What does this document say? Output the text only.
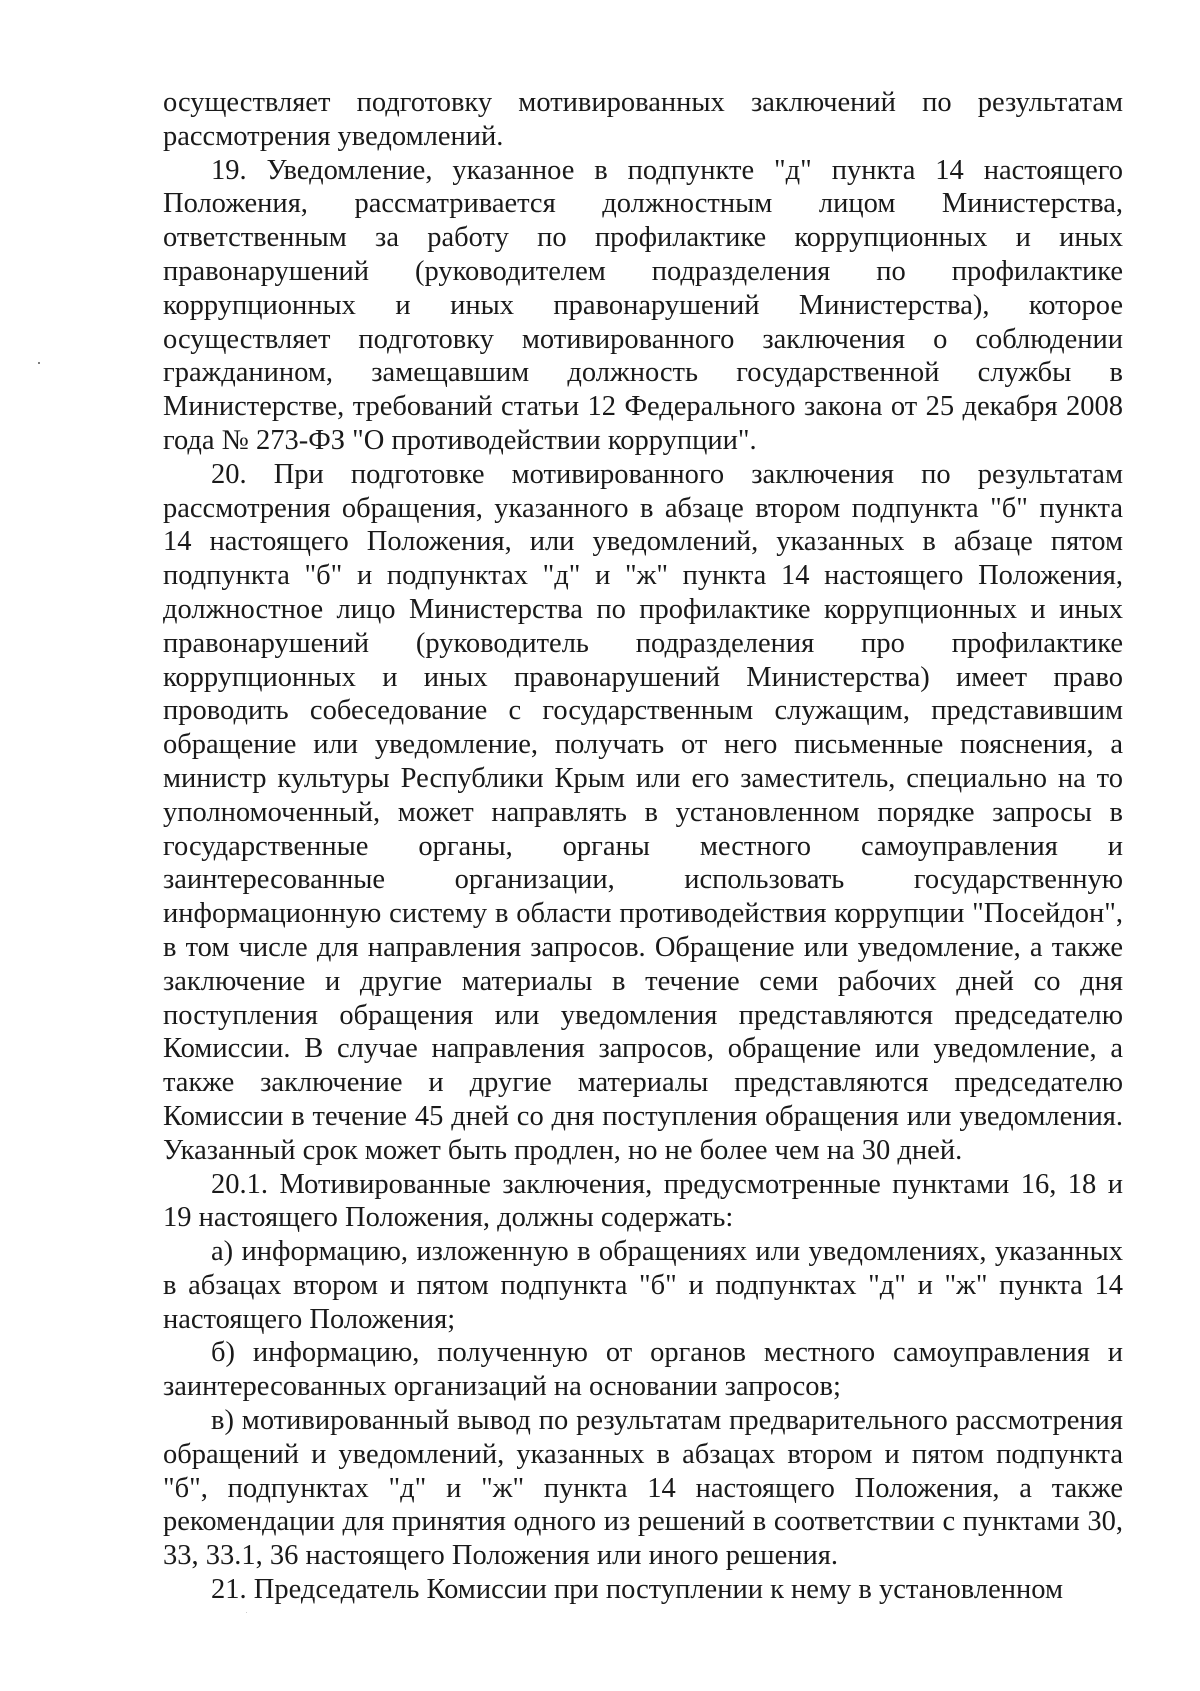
осуществляет подготовку мотивированных заключений по результатам рассмотрения уведомлений.

19. Уведомление, указанное в подпункте "д" пункта 14 настоящего Положения, рассматривается должностным лицом Министерства, ответственным за работу по профилактике коррупционных и иных правонарушений (руководителем подразделения по профилактике коррупционных и иных правонарушений Министерства), которое осуществляет подготовку мотивированного заключения о соблюдении гражданином, замещавшим должность государственной службы в Министерстве, требований статьи 12 Федерального закона от 25 декабря 2008 года № 273-ФЗ "О противодействии коррупции".

20. При подготовке мотивированного заключения по результатам рассмотрения обращения, указанного в абзаце втором подпункта "б" пункта 14 настоящего Положения, или уведомлений, указанных в абзаце пятом подпункта "б" и подпунктах "д" и "ж" пункта 14 настоящего Положения, должностное лицо Министерства по профилактике коррупционных и иных правонарушений (руководитель подразделения про профилактике коррупционных и иных правонарушений Министерства) имеет право проводить собеседование с государственным служащим, представившим обращение или уведомление, получать от него письменные пояснения, а министр культуры Республики Крым или его заместитель, специально на то уполномоченный, может направлять в установленном порядке запросы в государственные органы, органы местного самоуправления и заинтересованные организации, использовать государственную информационную систему в области противодействия коррупции "Посейдон", в том числе для направления запросов. Обращение или уведомление, а также заключение и другие материалы в течение семи рабочих дней со дня поступления обращения или уведомления представляются председателю Комиссии. В случае направления запросов, обращение или уведомление, а также заключение и другие материалы представляются председателю Комиссии в течение 45 дней со дня поступления обращения или уведомления. Указанный срок может быть продлен, но не более чем на 30 дней.

20.1. Мотивированные заключения, предусмотренные пунктами 16, 18 и 19 настоящего Положения, должны содержать:

а) информацию, изложенную в обращениях или уведомлениях, указанных в абзацах втором и пятом подпункта "б" и подпунктах "д" и "ж" пункта 14 настоящего Положения;

б) информацию, полученную от органов местного самоуправления и заинтересованных организаций на основании запросов;

в) мотивированный вывод по результатам предварительного рассмотрения обращений и уведомлений, указанных в абзацах втором и пятом подпункта "б", подпунктах "д" и "ж" пункта 14 настоящего Положения, а также рекомендации для принятия одного из решений в соответствии с пунктами 30, 33, 33.1, 36 настоящего Положения или иного решения.

21. Председатель Комиссии при поступлении к нему в установленном
